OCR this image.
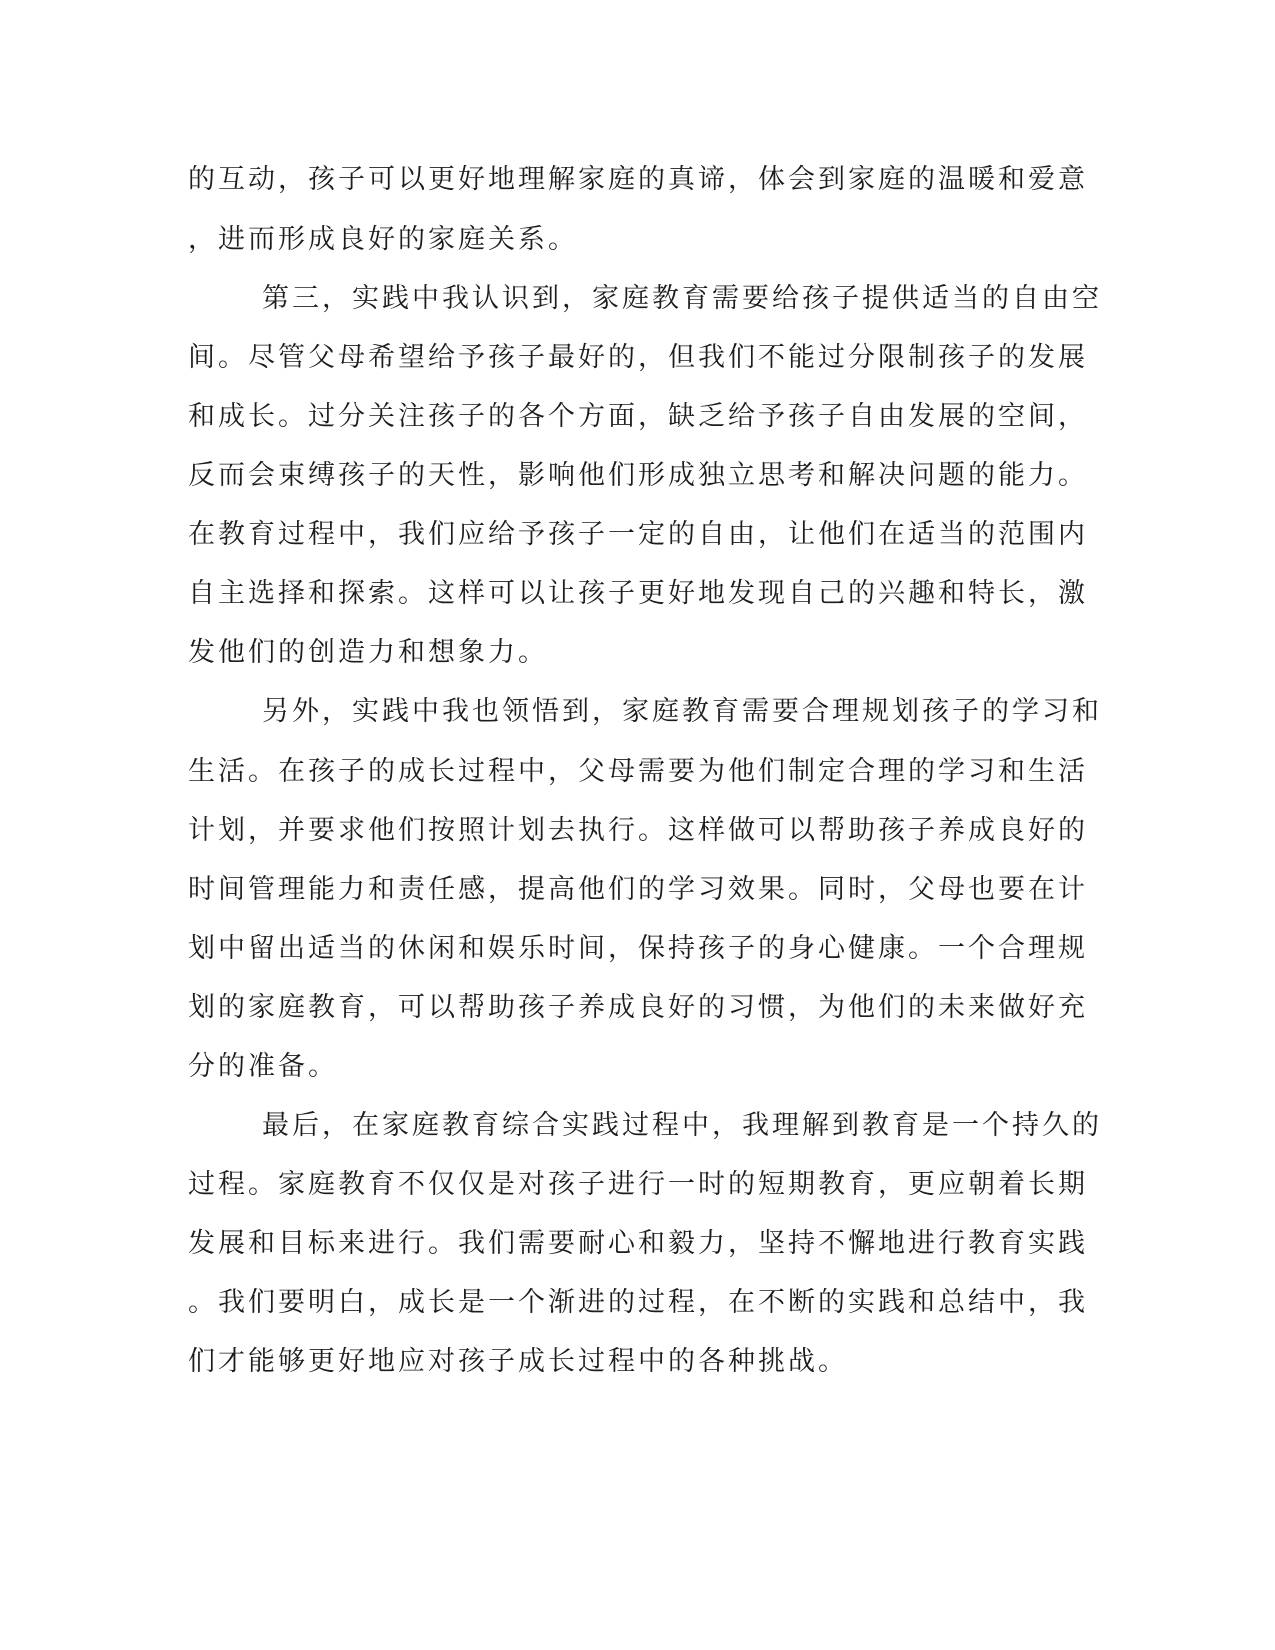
的互动，孩子可以更好地理解家庭的真谛，体会到家庭的温暖和爱意
，进而形成良好的家庭关系。
第三，实践中我认识到，家庭教育需要给孩子提供适当的自由空
间。尽管父母希望给予孩子最好的，但我们不能过分限制孩子的发展
和成长。过分关注孩子的各个方面，缺乏给予孩子自由发展的空间，
反而会束缚孩子的天性，影响他们形成独立思考和解决问题的能力。
在教育过程中，我们应给予孩子一定的自由，让他们在适当的范围内
自主选择和探索。这样可以让孩子更好地发现自己的兴趣和特长，激
发他们的创造力和想象力。
另外，实践中我也领悟到，家庭教育需要合理规划孩子的学习和
生活。在孩子的成长过程中，父母需要为他们制定合理的学习和生活
计划，并要求他们按照计划去执行。这样做可以帮助孩子养成良好的
时间管理能力和责任感，提高他们的学习效果。同时，父母也要在计
划中留出适当的休闲和娱乐时间，保持孩子的身心健康。一个合理规
划的家庭教育，可以帮助孩子养成良好的习惯，为他们的未来做好充
分的准备。
最后，在家庭教育综合实践过程中，我理解到教育是一个持久的
过程。家庭教育不仅仅是对孩子进行一时的短期教育，更应朝着长期
发展和目标来进行。我们需要耐心和毅力，坚持不懈地进行教育实践
。我们要明白，成长是一个渐进的过程，在不断的实践和总结中，我
们才能够更好地应对孩子成长过程中的各种挑战。
